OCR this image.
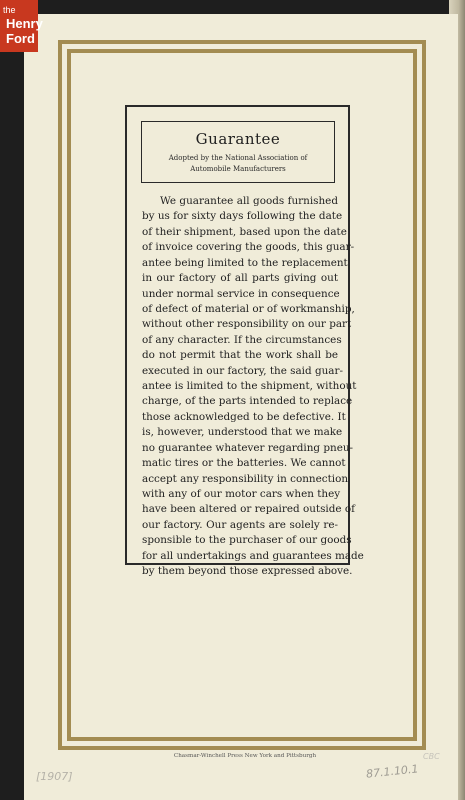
the
Henry
Ford
Guarantee
Adopted by the National Association of
Automobile Manufacturers

We guarantee all goods furnished
by us for sixty days following the date
of their shipment, based upon the date
of invoice covering the goods, this guar-
antee being limited to the replacement
in our factory of all parts giving out
under normal service in consequence
of defect of material or of workmanship,
without other responsibility on our part
of any character. If the circumstances
do not permit that the work shall be
executed in our factory, the said guar-
antee is limited to the shipment, without
charge, of the parts intended to replace
those acknowledged to be defective. It
is, however, understood that we make
no guarantee whatever regarding pneu-
matic tires or the batteries. We cannot
accept any responsibility in connection
with any of our motor cars when they
have been altered or repaired outside of
our factory. Our agents are solely re-
sponsible to the purchaser of our goods
for all undertakings and guarantees made
by them beyond those expressed above.

Chasmar-Winchell Press New York and Pittsburgh
[1907]	87.1.10.1
CBC
